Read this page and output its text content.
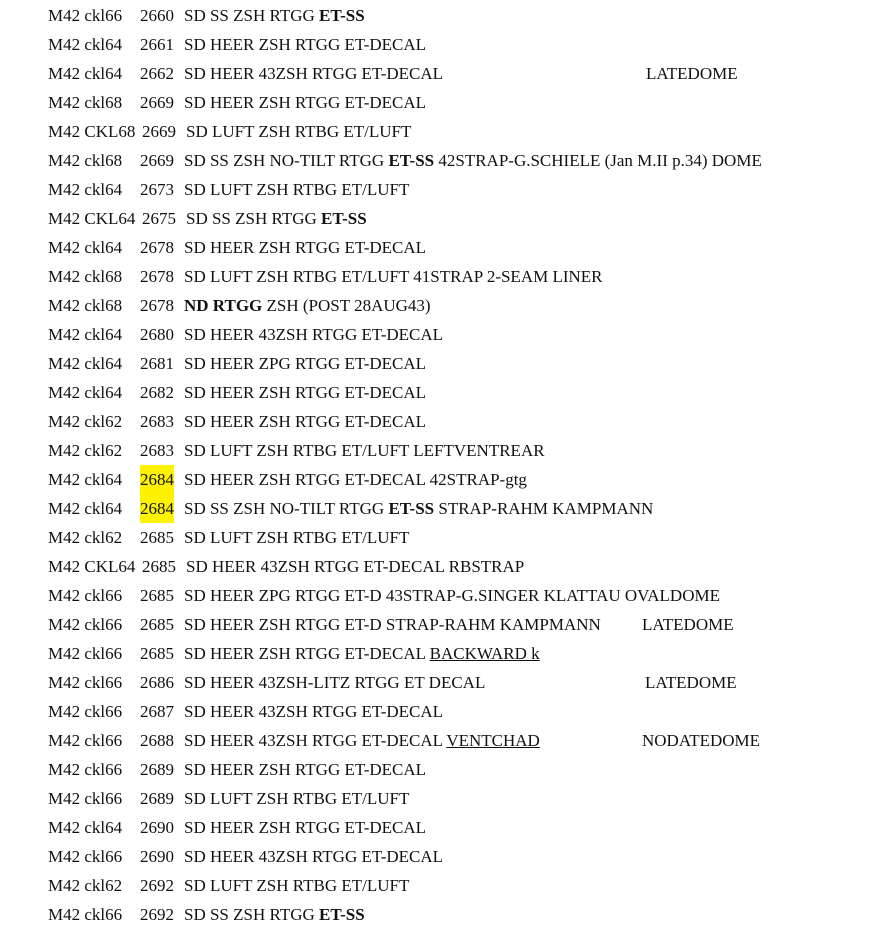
M42 ckl66 2660 SD SS ZSH RTGG ET-SS
M42 ckl64 2661 SD HEER ZSH RTGG ET-DECAL
M42 ckl64 2662 SD HEER 43ZSH RTGG ET-DECAL	LATEDOME
M42 ckl68 2669 SD HEER ZSH RTGG ET-DECAL
M42 CKL68 2669 SD LUFT ZSH RTBG ET/LUFT
M42 ckl68 2669 SD SS ZSH NO-TILT RTGG ET-SS 42STRAP-G.SCHIELE (Jan M.II p.34) DOME
M42 ckl64 2673 SD LUFT ZSH RTBG ET/LUFT
M42 CKL64 2675 SD SS ZSH RTGG ET-SS
M42 ckl64 2678 SD HEER ZSH RTGG ET-DECAL
M42 ckl68 2678 SD LUFT ZSH RTBG ET/LUFT 41STRAP 2-SEAM LINER
M42 ckl68 2678 ND RTGG ZSH (POST 28AUG43)
M42 ckl64 2680 SD HEER 43ZSH RTGG ET-DECAL
M42 ckl64 2681 SD HEER ZPG RTGG ET-DECAL
M42 ckl64 2682 SD HEER ZSH RTGG ET-DECAL
M42 ckl62 2683 SD HEER ZSH RTGG ET-DECAL
M42 ckl62 2683 SD LUFT ZSH RTBG ET/LUFT LEFTVENTREAR
M42 ckl64 2684 SD HEER ZSH RTGG ET-DECAL 42STRAP-gtg
M42 ckl64 2684 SD SS ZSH NO-TILT RTGG ET-SS STRAP-RAHM KAMPMANN
M42 ckl62 2685 SD LUFT ZSH RTBG ET/LUFT
M42 CKL64 2685 SD HEER 43ZSH RTGG ET-DECAL RBSTRAP
M42 ckl66 2685 SD HEER ZPG RTGG ET-D 43STRAP-G.SINGER KLATTAU OVALDOME
M42 ckl66 2685 SD HEER ZSH RTGG ET-D STRAP-RAHM KAMPMANN LATEDOME
M42 ckl66 2685 SD HEER ZSH RTGG ET-DECAL BACKWARD k
M42 ckl66 2686 SD HEER 43ZSH-LITZ RTGG ET DECAL	LATEDOME
M42 ckl66 2687 SD HEER 43ZSH RTGG ET-DECAL
M42 ckl66 2688 SD HEER 43ZSH RTGG ET-DECAL VENTCHAD	NODATEDOME
M42 ckl66 2689 SD HEER ZSH RTGG ET-DECAL
M42 ckl66 2689 SD LUFT ZSH RTBG ET/LUFT
M42 ckl64 2690 SD HEER ZSH RTGG ET-DECAL
M42 ckl66 2690 SD HEER 43ZSH RTGG ET-DECAL
M42 ckl62 2692 SD LUFT ZSH RTBG ET/LUFT
M42 ckl66 2692 SD SS ZSH RTGG ET-SS
